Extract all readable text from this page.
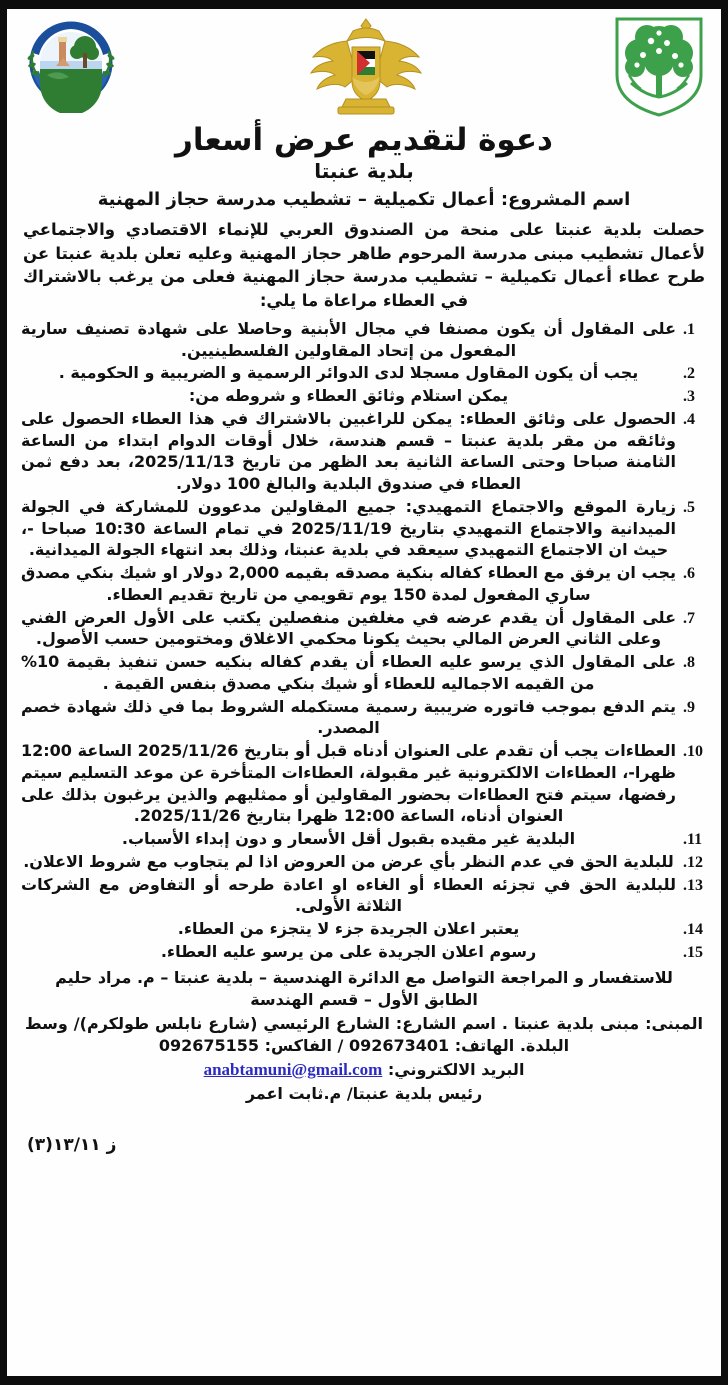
دعوة لتقديم عرض أسعار
بلدية عنبتا
اسم المشروع: أعمال تكميلية – تشطيب مدرسة حجاز المهنية

حصلت بلدية عنبتا على منحة من الصندوق العربي للإنماء الاقتصادي والاجتماعي لأعمال تشطيب مبنى مدرسة المرحوم طاهر حجاز المهنية وعليه تعلن بلدية عنبتا عن طرح عطاء أعمال تكميلية – تشطيب مدرسة حجاز المهنية فعلى من يرغب بالاشتراك في العطاء مراعاة ما يلي:

1. على المقاول أن يكون مصنفا في مجال الأبنية وحاصلا على شهادة تصنيف سارية المفعول من إتحاد المقاولين الفلسطينيين.
2. يجب أن يكون المقاول مسجلا لدى الدوائر الرسمية و الضريبية و الحكومية .
3. يمكن استلام وثائق العطاء و شروطه من:
4. الحصول على وثائق العطاء: يمكن للراغبين بالاشتراك في هذا العطاء الحصول على وثائقه من مقر بلدية عنبتا – قسم هندسة، خلال أوقات الدوام ابتداء من الساعة الثامنة صباحا وحتى الساعة الثانية بعد الظهر من تاريخ 2025/11/13، بعد دفع ثمن العطاء في صندوق البلدية والبالغ 100 دولار.
5. زيارة الموقع والاجتماع التمهيدي: جميع المقاولين مدعوون للمشاركة في الجولة الميدانية والاجتماع التمهيدي بتاريخ 2025/11/19 في تمام الساعة 10:30 صباحا -، حيث ان الاجتماع التمهيدي سيعقد في بلدية عنبتا، وذلك بعد انتهاء الجولة الميدانية.
6. يجب ان يرفق مع العطاء كفاله بنكية مصدقه بقيمه 2,000 دولار او شيك بنكي مصدق ساري المفعول لمدة 150 يوم تقويمي من تاريخ تقديم العطاء.
7. على المقاول أن يقدم عرضه في مغلفين منفصلين يكتب على الأول العرض الفني وعلى الثاني العرض المالي بحيث يكونا محكمي الاغلاق ومختومين حسب الأصول.
8. على المقاول الذي يرسو عليه العطاء أن يقدم كفاله بنكيه حسن تنفيذ بقيمة 10% من القيمه الاجماليه للعطاء أو شيك بنكي مصدق بنفس القيمة .
9. يتم الدفع بموجب فاتوره ضريبية رسمية مستكمله الشروط بما في ذلك شهادة خصم المصدر.
10. العطاءات يجب أن تقدم على العنوان أدناه قبل أو بتاريخ 2025/11/26 الساعة 12:00 ظهرا-، العطاءات الالكترونية غير مقبولة، العطاءات المتأخرة عن موعد التسليم سيتم رفضها، سيتم فتح العطاءات بحضور المقاولين أو ممثليهم والذين يرغبون بذلك على العنوان أدناه، الساعة 12:00 ظهرا بتاريخ 2025/11/26.
11. البلدية غير مقيده بقبول أقل الأسعار و دون إبداء الأسباب.
12. للبلدية الحق في عدم النظر بأي عرض من العروض اذا لم يتجاوب مع شروط الاعلان.
13. للبلدية الحق في تجزئه العطاء أو الغاءه او اعادة طرحه أو التفاوض مع الشركات الثلاثة الأولى.
14. يعتبر اعلان الجريدة جزء لا يتجزء من العطاء.
15. رسوم اعلان الجريدة على من يرسو عليه العطاء.

للاستفسار و المراجعة التواصل مع الدائرة الهندسية – بلدية عنبتا – م. مراد حليم

الطابق الأول – قسم الهندسة

المبنى: مبنى بلدية عنبتا . اسم الشارع: الشارع الرئيسي (شارع نابلس طولكرم)/ وسط البلدة. الهاتف: 092673401 / الفاكس: 092675155

البريد الالكتروني: anabtamuni@gmail.com

رئيس بلدية عنبتا/ م.ثابت اعمر
ز ١٣/١١(٣)
